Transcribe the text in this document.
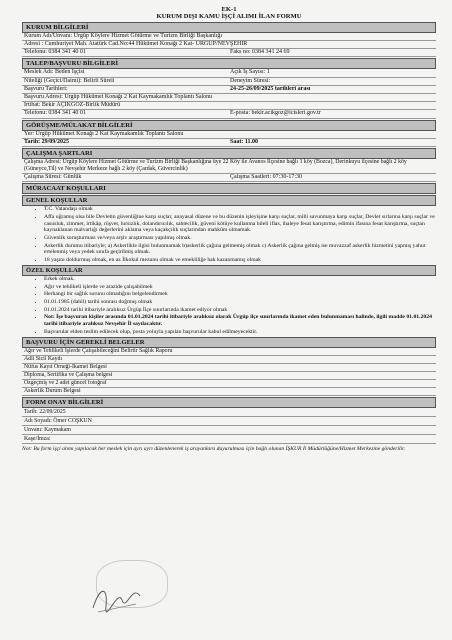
EK-1
KURUM DIŞI KAMU İŞÇİ ALIMI İLAN FORMU
KURUM BİLGİLERİ
Kurum Adı/Unvanı: Ürgüp Köylere Hizmet Götürme ve Turizm Birliği Başkanlığı
Adresi : Cumhuriyet Mah. Atatürk Cad.No:44 Hükümet Konağı 2 Kat- ÜRGÜP/NEVŞEHİR
Telefonu: 0384 341 40 01	Faks no: 0384 341 24 69
TALEP/BAŞVURU BİLGİLERİ
Meslek Adı: Beden İşçisi	Açık İş Sayısı: 1
Niteliği (Geçici/Daimi): Belirli Süreli	Deneyim Süresi:
Başvuru Tarihleri:	24-25-26/09/2025 tarihleri arası
Başvuru Adresi: Ürgüp Hükümet Konağı 2 Kat Kaymakamlık Toplantı Salonu
İrtibat: Bekir AÇIKGÖZ-Birlik Müdürü
Telefonu: 0384 341 40 01	E-posta: bekir.acikgoz@icisleri.gov.tr
GÖRÜŞME/MÜLAKAT BİLGİLERİ
Yer: Ürgüp Hükümet Konağı 2 Kat Kaymakamlık Toplantı Salonu
Tarih: 29/09/2025	Saat: 11.00
ÇALIŞMA ŞARTLARI
Çalışma Adresi: Ürgüp Köylere Hizmet Götürme ve Turizm Birliği Başkanlığına üye 22 Köy ile Avanos İlçesine bağlı 1 köy (Bozca), Derinkuyu ilçesine bağlı 2 köy (Güneyce,Til) ve Nevşehir Merkeze bağlı 2 köy (Çardak, Güvercinlik)
Çalışma Süresi: Günlük	Çalışma Saatleri: 07:30-17:30
MÜRACAAT KOŞULLARI
GENEL KOŞULLAR
• T.C. Vatandaşı olmak
• Affa uğramış olsa bile Devletin güvenliğine karşı suçlar, anayasal düzene ve bu düzenin işleyişine karşı suçlar, milli savunmaya karşı suçlar, Devlet sırlarına karşı suçlar ve casusluk, zimmet, irtikâp, rüşvet, hırsızlık, dolandırıcılık, sahtecilik, güveni kötüye kullanma hileli iflas, ihaleye fesat karıştırma, edimin ifasına fesat karıştırma, suçtan kaynaklanan malvarlığı değerlerini aklama veya kaçakçılık suçlarından mahkûm olmamak.
• Güvenlik soruşturması ve/veya arşiv araştırması yapılmış olmak.
• Askerlik durumu itibariyle; a) Askerlikle ilgisi bulunmamak b)askerlik çağına gelmemiş olmak c) Askerlik çağına gelmiş ise muvazzaf askerlik hizmetini yapmış yahut ertelenmiş veya yedek sınıfa geçirilmiş olmak.
• 18 yaşını doldurmuş olmak, en az İlkokul mezunu olmak ve emekliliğe hak kazanmamış olmak
ÖZEL KOŞULLAR
• Erkek olmak.
• Ağır ve tehlikeli işlerde ve arazide çalışabilmek
• Herhangi bir sağlık sorunu olmadığını belgelendirmek
• 01.01.1985 (dahil) tarihi sonrası doğmuş olmak
• 01.01.2024 tarihi itibariyle aralıksız Ürgüp İlçe sınırlarında ikamet ediyor olmak
• Not: İşe başvuran kişiler arasında 01.01.2024 tarihi itibariyle aralıksız olarak Ürgüp ilçe sınırlarında ikamet eden bulunmaması halinde, ilgili madde 01.01.2024 tarihi itibariyle aralıksız Nevşehir İl sayılacaktır.
• Başvurular elden teslim edilecek olup, posta yoluyla yapılan başvurular kabul edilmeyecektir.
BAŞVURU İÇİN GEREKLİ BELGELER
Ağır ve Tehlikeli İşlerde Çalışabileceğini Belirtir Sağlık Raporu
Adli Sicil Kaydı
Nüfus Kayıt Örneği-İkamet Belgesi
Diploma, Sertifika ve Çalışma belgesi
Özgeçmiş ve 2 adet güncel fotoğraf
Askerlik Durum Belgesi
FORM ONAY BİLGİLERİ
Tarih: 22/09/2025
Adı Soyadı: Ömer COŞKUN
Unvanı: Kaymakam
Kaşe/İmza:
Not: Bu form işçi alımı yapılacak her meslek için ayrı ayrı düzenlenerek iş arayanlara duyurulması için bağlı olunan İŞKUR İl Müdürlüğüne/Hizmet Merkezine gönderilir.
